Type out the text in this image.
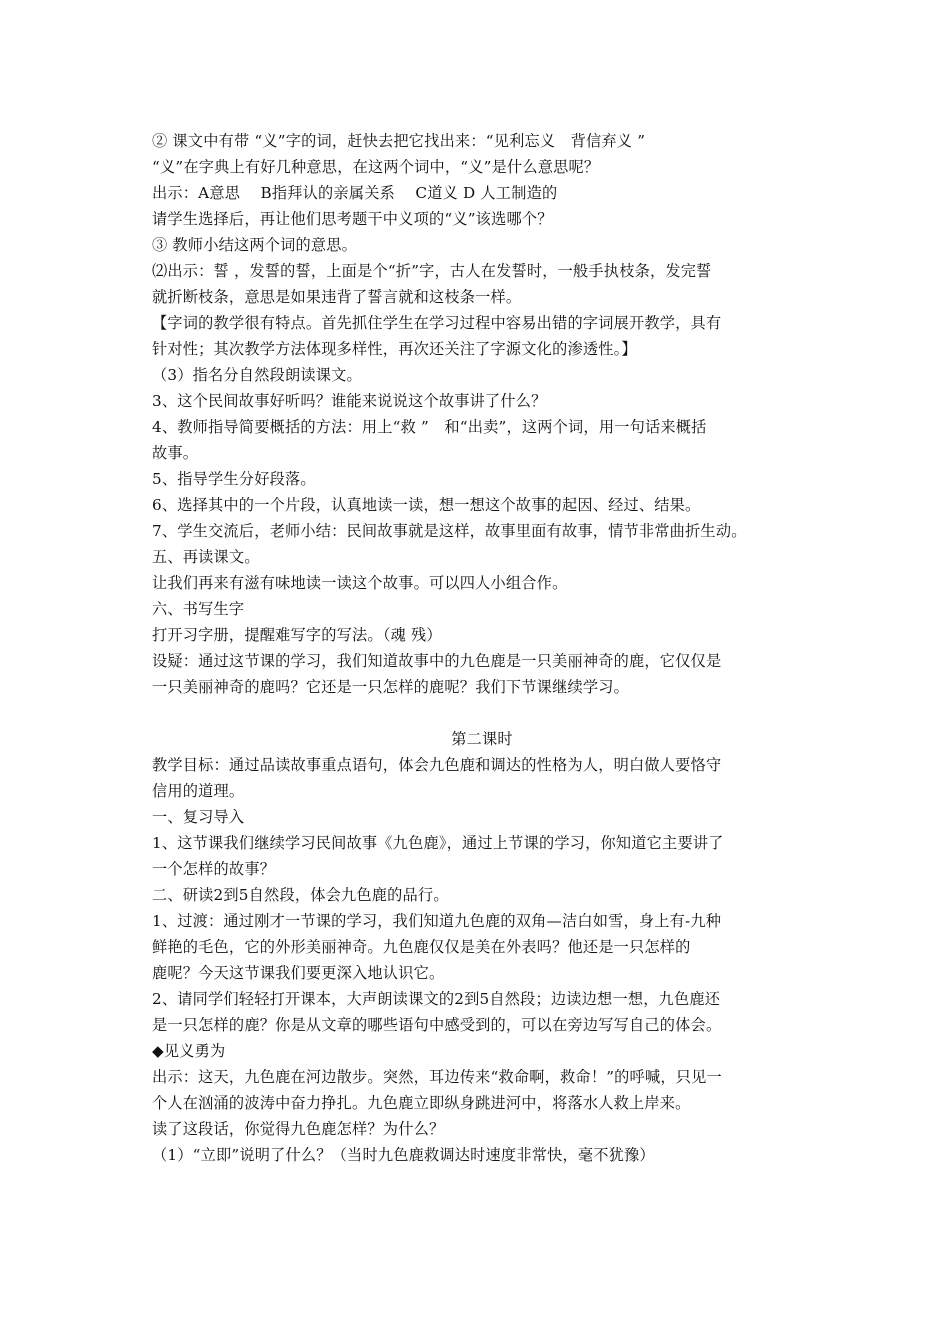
② 课文中有带 “义”字的词，赶快去把它找出来：“见利忘义　背信弃义 ”
“义”在字典上有好几种意思，在这两个词中，“义”是什么意思呢？
出示：A意思　 B指拜认的亲属关系　 C道义 D 人工制造的
请学生选择后，再让他们思考题干中义项的“义”该选哪个？
③ 教师小结这两个词的意思。
⑵出示：誓 ，发誓的誓，上面是个“折”字，古人在发誓时，一般手执枝条，发完誓
就折断枝条，意思是如果违背了誓言就和这枝条一样。
【字词的教学很有特点。首先抓住学生在学习过程中容易出错的字词展开教学，具有
针对性；其次教学方法体现多样性，再次还关注了字源文化的渗透性。】
（3）指名分自然段朗读课文。
3、这个民间故事好听吗？谁能来说说这个故事讲了什么？
4、教师指导简要概括的方法：用上“救 ”　和“出卖”，这两个词，用一句话来概括
故事。
5、指导学生分好段落。
6、选择其中的一个片段，认真地读一读，想一想这个故事的起因、经过、结果。
7、学生交流后，老师小结：民间故事就是这样，故事里面有故事，情节非常曲折生动。
五、再读课文。
让我们再来有滋有味地读一读这个故事。可以四人小组合作。
六、书写生字
打开习字册，提醒难写字的写法。（魂 残）
设疑：通过这节课的学习，我们知道故事中的九色鹿是一只美丽神奇的鹿，它仅仅是
一只美丽神奇的鹿吗？它还是一只怎样的鹿呢？我们下节课继续学习。
第二课时
教学目标：通过品读故事重点语句，体会九色鹿和调达的性格为人，明白做人要恪守
信用的道理。
一、复习导入
1、这节课我们继续学习民间故事《九色鹿》，通过上节课的学习，你知道它主要讲了
一个怎样的故事？
二、研读2到5自然段，体会九色鹿的品行。
1、过渡：通过刚才一节课的学习，我们知道九色鹿的双角—洁白如雪，身上有-九种
鲜艳的毛色，它的外形美丽神奇。九色鹿仅仅是美在外表吗？他还是一只怎样的
鹿呢？今天这节课我们要更深入地认识它。
2、请同学们轻轻打开课本，大声朗读课文的2到5自然段；边读边想一想，九色鹿还
是一只怎样的鹿？你是从文章的哪些语句中感受到的，可以在旁边写写自己的体会。
◆见义勇为
出示：这天，九色鹿在河边散步。突然，耳边传来“救命啊，救命！”的呼喊，只见一
个人在汹涌的波涛中奋力挣扎。九色鹿立即纵身跳进河中，将落水人救上岸来。
读了这段话，你觉得九色鹿怎样？为什么？
（1）“立即”说明了什么？（当时九色鹿救调达时速度非常快，毫不犹豫）
